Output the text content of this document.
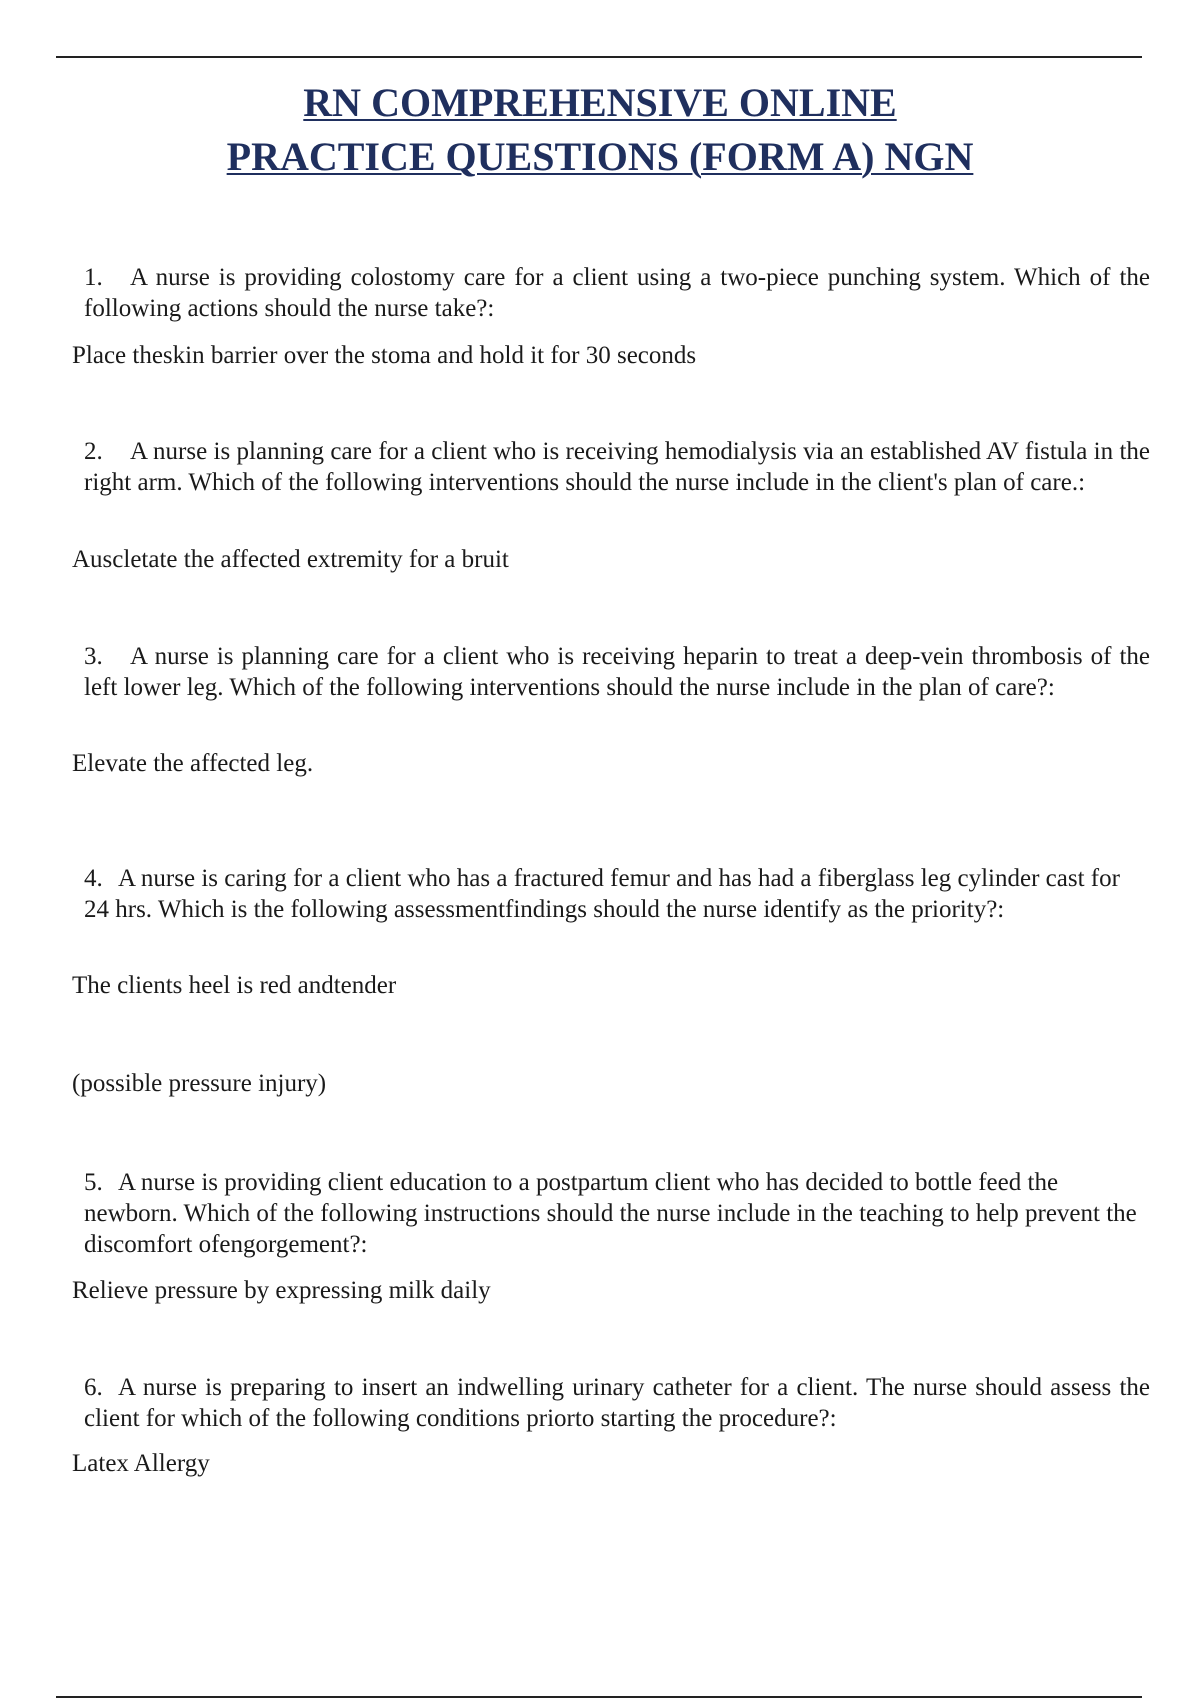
RN COMPREHENSIVE ONLINE
PRACTICE QUESTIONS (FORM A) NGN

1. A nurse is providing colostomy care for a client using a two-piece punching system. Which of the following actions should the nurse take?:

Place theskin barrier over the stoma and hold it for 30 seconds

2. A nurse is planning care for a client who is receiving hemodialysis via an established AV fistula in the right arm. Which of the following interventions should the nurse include in the client's plan of care.:

Auscletate the affected extremity for a bruit

3. A nurse is planning care for a client who is receiving heparin to treat a deep-vein thrombosis of the left lower leg. Which of the following interventions should the nurse include in the plan of care?:

Elevate the affected leg.

4. A nurse is caring for a client who has a fractured femur and has had a fiberglass leg cylinder cast for 24 hrs. Which is the following assessmentfindings should the nurse identify as the priority?:

The clients heel is red andtender

(possible pressure injury)

5. A nurse is providing client education to a postpartum client who has decided to bottle feed the newborn. Which of the following instructions should the nurse include in the teaching to help prevent the discomfort ofengorgement?:

Relieve pressure by expressing milk daily

6. A nurse is preparing to insert an indwelling urinary catheter for a client. The nurse should assess the client for which of the following conditions priorto starting the procedure?:

Latex Allergy
